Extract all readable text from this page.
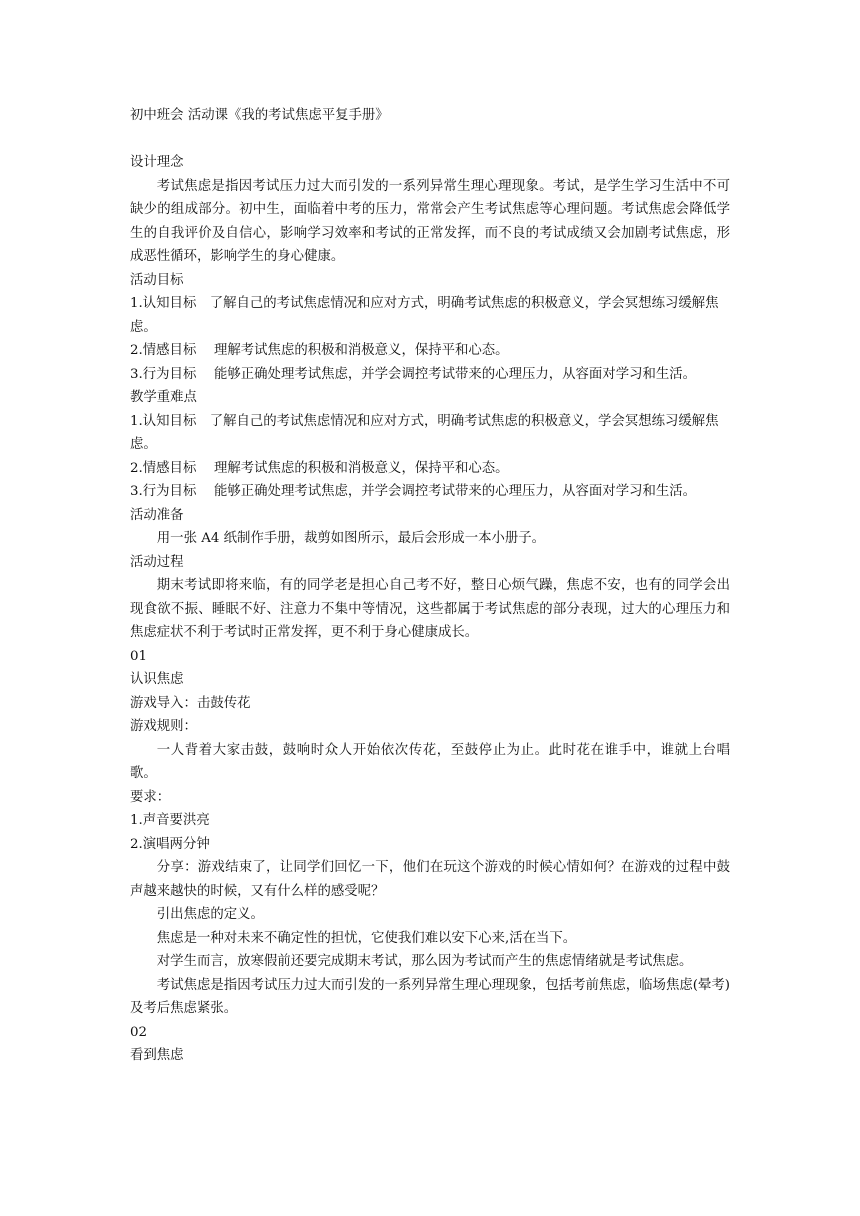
初中班会 活动课《我的考试焦虑平复手册》
设计理念
考试焦虑是指因考试压力过大而引发的一系列异常生理心理现象。考试，是学生学习生活中不可缺少的组成部分。初中生，面临着中考的压力，常常会产生考试焦虑等心理问题。考试焦虑会降低学生的自我评价及自信心，影响学习效率和考试的正常发挥，而不良的考试成绩又会加剧考试焦虑，形成恶性循环，影响学生的身心健康。
活动目标
1.认知目标　了解自己的考试焦虑情况和应对方式，明确考试焦虑的积极意义，学会冥想练习缓解焦虑。
2.情感目标　 理解考试焦虑的积极和消极意义，保持平和心态。
3.行为目标　 能够正确处理考试焦虑，并学会调控考试带来的心理压力，从容面对学习和生活。
教学重难点
1.认知目标　了解自己的考试焦虑情况和应对方式，明确考试焦虑的积极意义，学会冥想练习缓解焦虑。
2.情感目标　 理解考试焦虑的积极和消极意义，保持平和心态。
3.行为目标　 能够正确处理考试焦虑，并学会调控考试带来的心理压力，从容面对学习和生活。
活动准备
用一张 A4 纸制作手册，裁剪如图所示，最后会形成一本小册子。
活动过程
期末考试即将来临，有的同学老是担心自己考不好，整日心烦气躁，焦虑不安，也有的同学会出现食欲不振、睡眠不好、注意力不集中等情况，这些都属于考试焦虑的部分表现，过大的心理压力和焦虑症状不利于考试时正常发挥，更不利于身心健康成长。
01
认识焦虑
游戏导入：击鼓传花
游戏规则：
一人背着大家击鼓，鼓响时众人开始依次传花，至鼓停止为止。此时花在谁手中，谁就上台唱歌。
要求：
1.声音要洪亮
2.演唱两分钟
分享：游戏结束了，让同学们回忆一下，他们在玩这个游戏的时候心情如何？在游戏的过程中鼓声越来越快的时候，又有什么样的感受呢？
引出焦虑的定义。
焦虑是一种对未来不确定性的担忧，它使我们难以安下心来,活在当下。
对学生而言，放寒假前还要完成期末考试，那么因为考试而产生的焦虑情绪就是考试焦虑。
考试焦虑是指因考试压力过大而引发的一系列异常生理心理现象，包括考前焦虑，临场焦虑(晕考)及考后焦虑紧张。
02
看到焦虑
